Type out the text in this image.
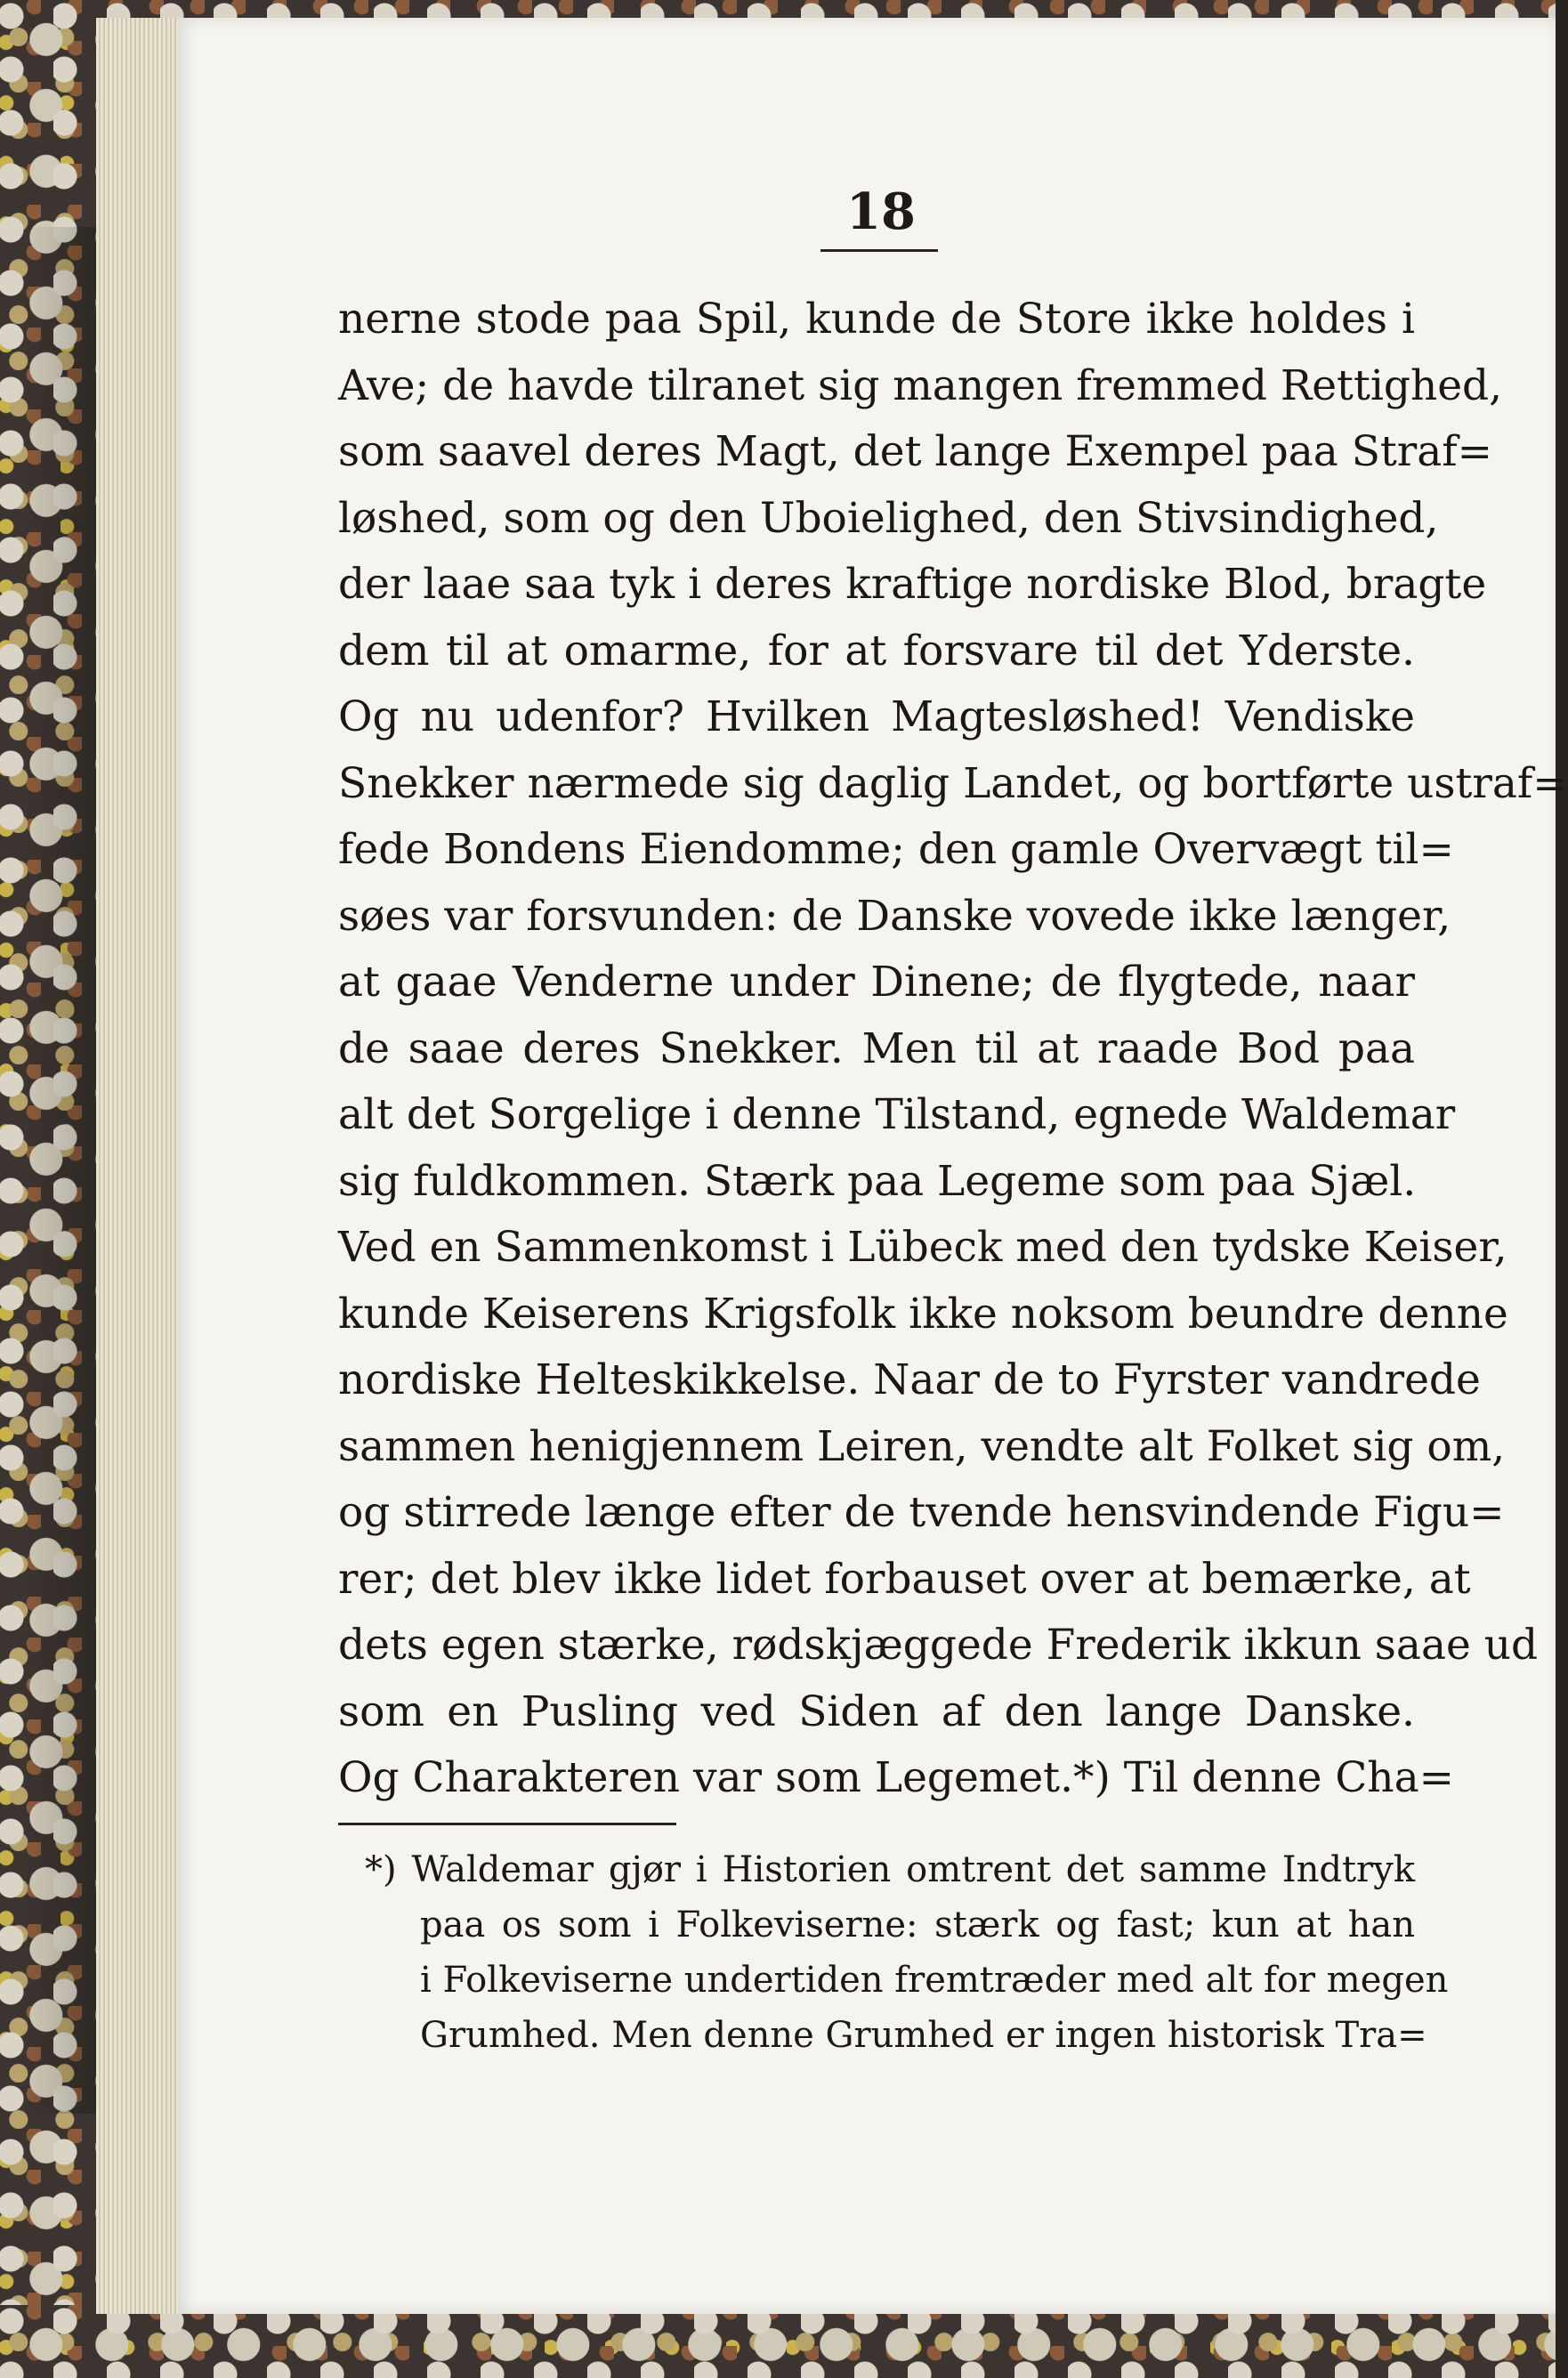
18
nerne stode paa Spil, kunde de Store ikke holdes i
Ave; de havde tilranet sig mangen fremmed Rettighed,
som saavel deres Magt, det lange Exempel paa Straf=
løshed, som og den Uboielighed, den Stivsindighed,
der laae saa tyk i deres kraftige nordiske Blod, bragte
dem til at omarme, for at forsvare til det Yderste.
Og nu udenfor? Hvilken Magtesløshed! Vendiske
Snekker nærmede sig daglig Landet, og bortførte ustraf=
fede Bondens Eiendomme; den gamle Overvægt til=
søes var forsvunden: de Danske vovede ikke længer,
at gaae Venderne under Dinene; de flygtede, naar
de saae deres Snekker. Men til at raade Bod paa
alt det Sorgelige i denne Tilstand, egnede Waldemar
sig fuldkommen. Stærk paa Legeme som paa Sjæl.
Ved en Sammenkomst i Lübeck med den tydske Keiser,
kunde Keiserens Krigsfolk ikke noksom beundre denne
nordiske Helteskikkelse. Naar de to Fyrster vandrede
sammen henigjennem Leiren, vendte alt Folket sig om,
og stirrede længe efter de tvende hensvindende Figu=
rer; det blev ikke lidet forbauset over at bemærke, at
dets egen stærke, rødskjæggede Frederik ikkun saae ud
som en Pusling ved Siden af den lange Danske.
Og Charakteren var som Legemet.*) Til denne Cha=
*) Waldemar gjør i Historien omtrent det samme Indtryk
paa os som i Folkeviserne: stærk og fast; kun at han
i Folkeviserne undertiden fremtræder med alt for megen
Grumhed. Men denne Grumhed er ingen historisk Tra=
